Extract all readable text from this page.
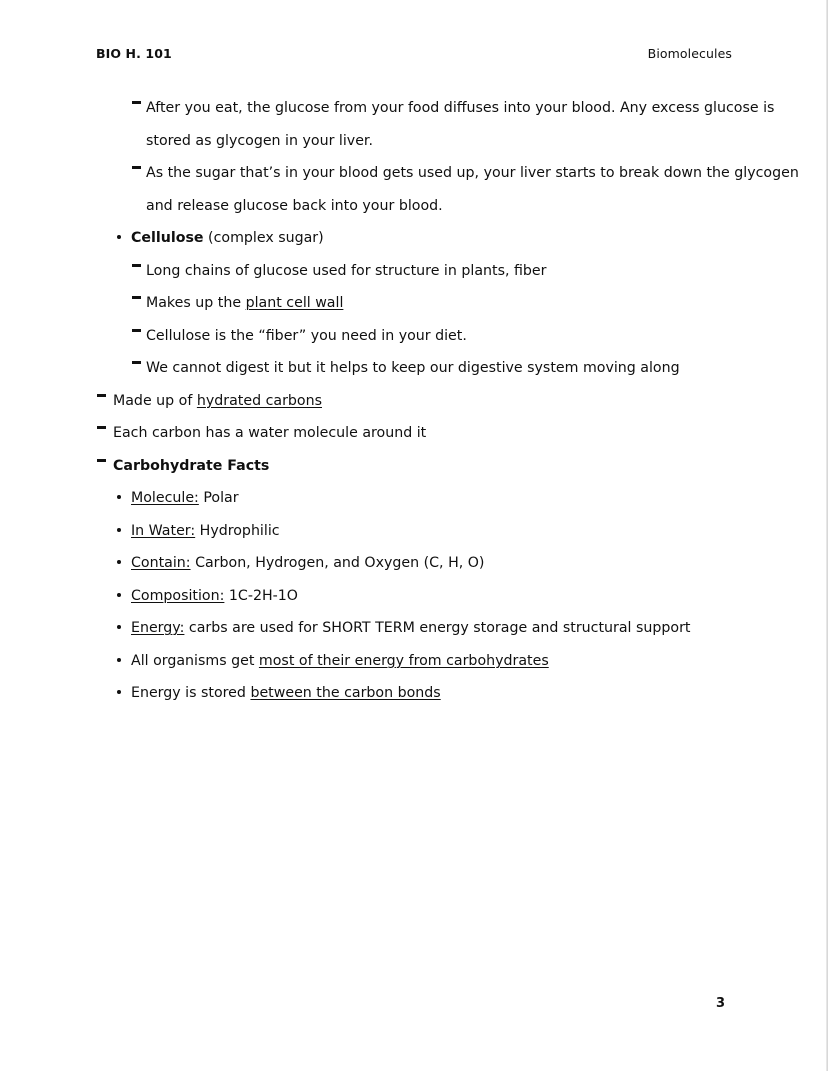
BIO H. 101	Biomolecules
After you eat, the glucose from your food diffuses into your blood. Any excess glucose is
stored as glycogen in your liver.
As the sugar that’s in your blood gets used up, your liver starts to break down the glycogen
and release glucose back into your blood.
Cellulose (complex sugar)
Long chains of glucose used for structure in plants, fiber
Makes up the plant cell wall
Cellulose is the “fiber” you need in your diet.
We cannot digest it but it helps to keep our digestive system moving along
Made up of hydrated carbons
Each carbon has a water molecule around it
Carbohydrate Facts
Molecule: Polar
In Water: Hydrophilic
Contain: Carbon, Hydrogen, and Oxygen (C, H, O)
Composition: 1C-2H-1O
Energy: carbs are used for SHORT TERM energy storage and structural support
All organisms get most of their energy from carbohydrates
Energy is stored between the carbon bonds
3
